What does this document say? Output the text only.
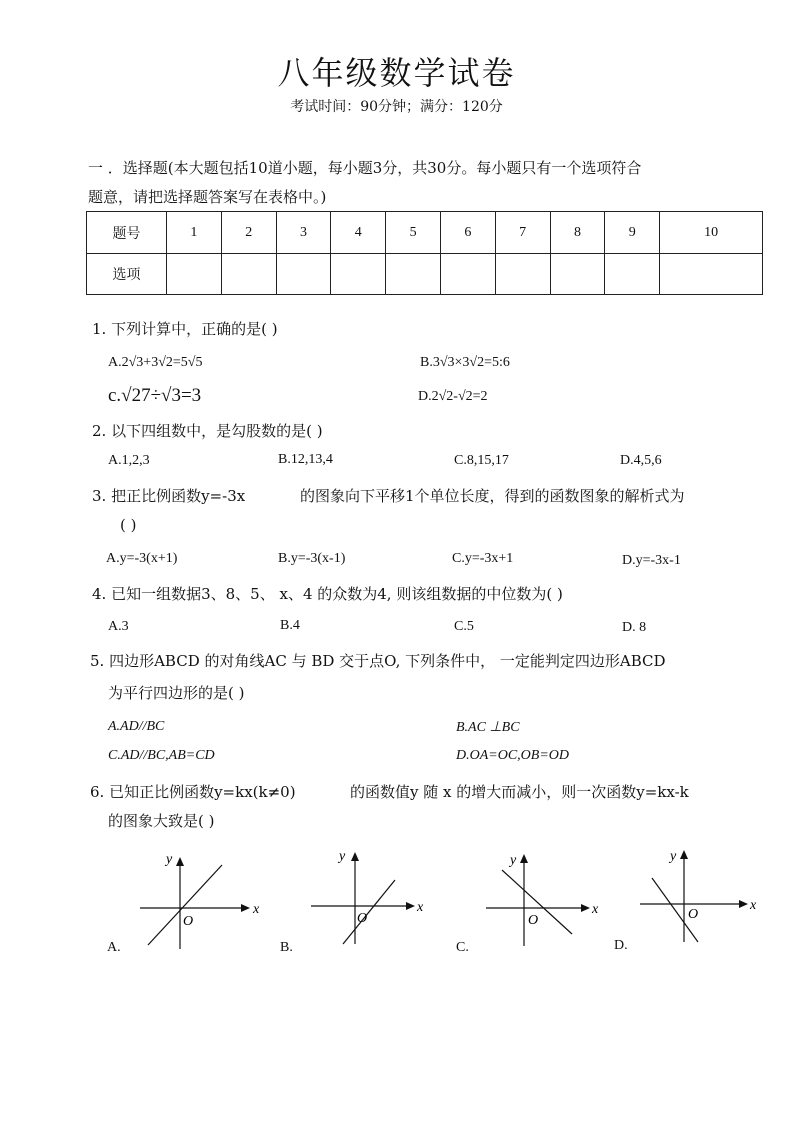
八年级数学试卷
考试时间：90分钟；满分：120分
一 ．选择题(本大题包括10道小题，每小题3分，共30分。每小题只有一个选项符合
题意，请把选择题答案写在表格中。)
题号	1	2	3	4	5	6	7	8	9	10
选项										
1. 下列计算中，正确的是( )
A.2√3+3√2=5√5	B.3√3×3√2=5:6
c.√27÷√3=3	D.2√2-√2=2
2. 以下四组数中，是勾股数的是( )
A.1,2,3	B.12,13,4	C.8,15,17	D.4,5,6
3. 把正比例函数y=-3x	的图象向下平移1个单位长度，得到的函数图象的解析式为
( )
A.y=-3(x+1)	B.y=-3(x-1)	C.y=-3x+1	D.y=-3x-1
4. 已知一组数据3、8、5、 x、4 的众数为4, 则该组数据的中位数为( )
A.3	B.4	C.5	D. 8
5. 四边形ABCD 的对角线AC 与 BD 交于点O, 下列条件中， 一定能判定四边形ABCD
为平行四边形的是( )
A.AD//BC	B.AC ⊥BC
C.AD//BC,AB=CD	D.OA=OC,OB=OD
6. 已知正比例函数y=kx(k≠0)	的函数值y 随 x 的增大而减小，则一次函数y=kx-k
的图象大致是( )
y
x
O
A.
y
x
O
B.
y
x
O
C.
y
x
O
D.
